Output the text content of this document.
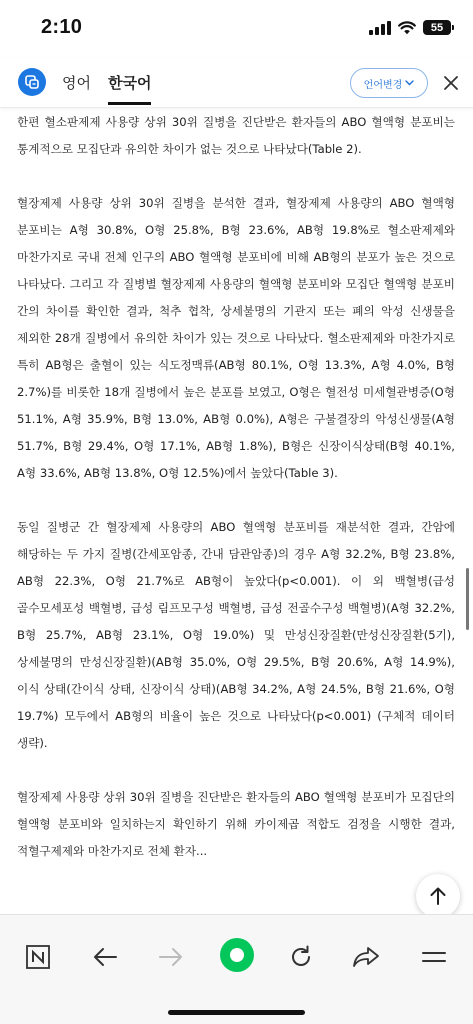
2:10	55
영어 한국어	언어변경

한편 혈소판제제 사용량 상위 30위 질병을 진단받은 환자들의 ABO 혈액형 분포비는 통계적으로 모집단과 유의한 차이가 없는 것으로 나타났다(Table 2).

혈장제제 사용량 상위 30위 질병을 분석한 결과, 혈장제제 사용량의 ABO 혈액형 분포비는 A형 30.8%, O형 25.8%, B형 23.6%, AB형 19.8%로 혈소판제제와 마찬가지로 국내 전체 인구의 ABO 혈액형 분포비에 비해 AB형의 분포가 높은 것으로 나타났다. 그리고 각 질병별 혈장제제 사용량의 혈액형 분포비와 모집단 혈액형 분포비 간의 차이를 확인한 결과, 척추 협착, 상세불명의 기관지 또는 폐의 악성 신생물을 제외한 28개 질병에서 유의한 차이가 있는 것으로 나타났다. 혈소판제제와 마찬가지로 특히 AB형은 출혈이 있는 식도정맥류(AB형 80.1%, O형 13.3%, A형 4.0%, B형 2.7%)를 비롯한 18개 질병에서 높은 분포를 보였고, O형은 혈전성 미세혈관병증(O형 51.1%, A형 35.9%, B형 13.0%, AB형 0.0%), A형은 구불결장의 악성신생물(A형 51.7%, B형 29.4%, O형 17.1%, AB형 1.8%), B형은 신장이식상태(B형 40.1%, A형 33.6%, AB형 13.8%, O형 12.5%)에서 높았다(Table 3).

동일 질병군 간 혈장제제 사용량의 ABO 혈액형 분포비를 재분석한 결과, 간암에 해당하는 두 가지 질병(간세포암종, 간내 담관암종)의 경우 A형 32.2%, B형 23.8%, AB형 22.3%, O형 21.7%로 AB형이 높았다(p<0.001). 이 외 백혈병(급성 골수모세포성 백혈병, 급성 림프모구성 백혈병, 급성 전골수구성 백혈병)(A형 32.2%, B형 25.7%, AB형 23.1%, O형 19.0%) 및 만성신장질환(만성신장질환(5기), 상세불명의 만성신장질환)(AB형 35.0%, O형 29.5%, B형 20.6%, A형 14.9%), 이식 상태(간이식 상태, 신장이식 상태)(AB형 34.2%, A형 24.5%, B형 21.6%, O형 19.7%) 모두에서 AB형의 비율이 높은 것으로 나타났다(p<0.001) (구체적 데이터 생략).

혈장제제 사용량 상위 30위 질병을 진단받은 환자들의 ABO 혈액형 분포비가 모집단의 혈액형 분포비와 일치하는지 확인하기 위해 카이제곱 적합도 검정을 시행한 결과, 적혈구제제와 마찬가지로 전체 환자...
